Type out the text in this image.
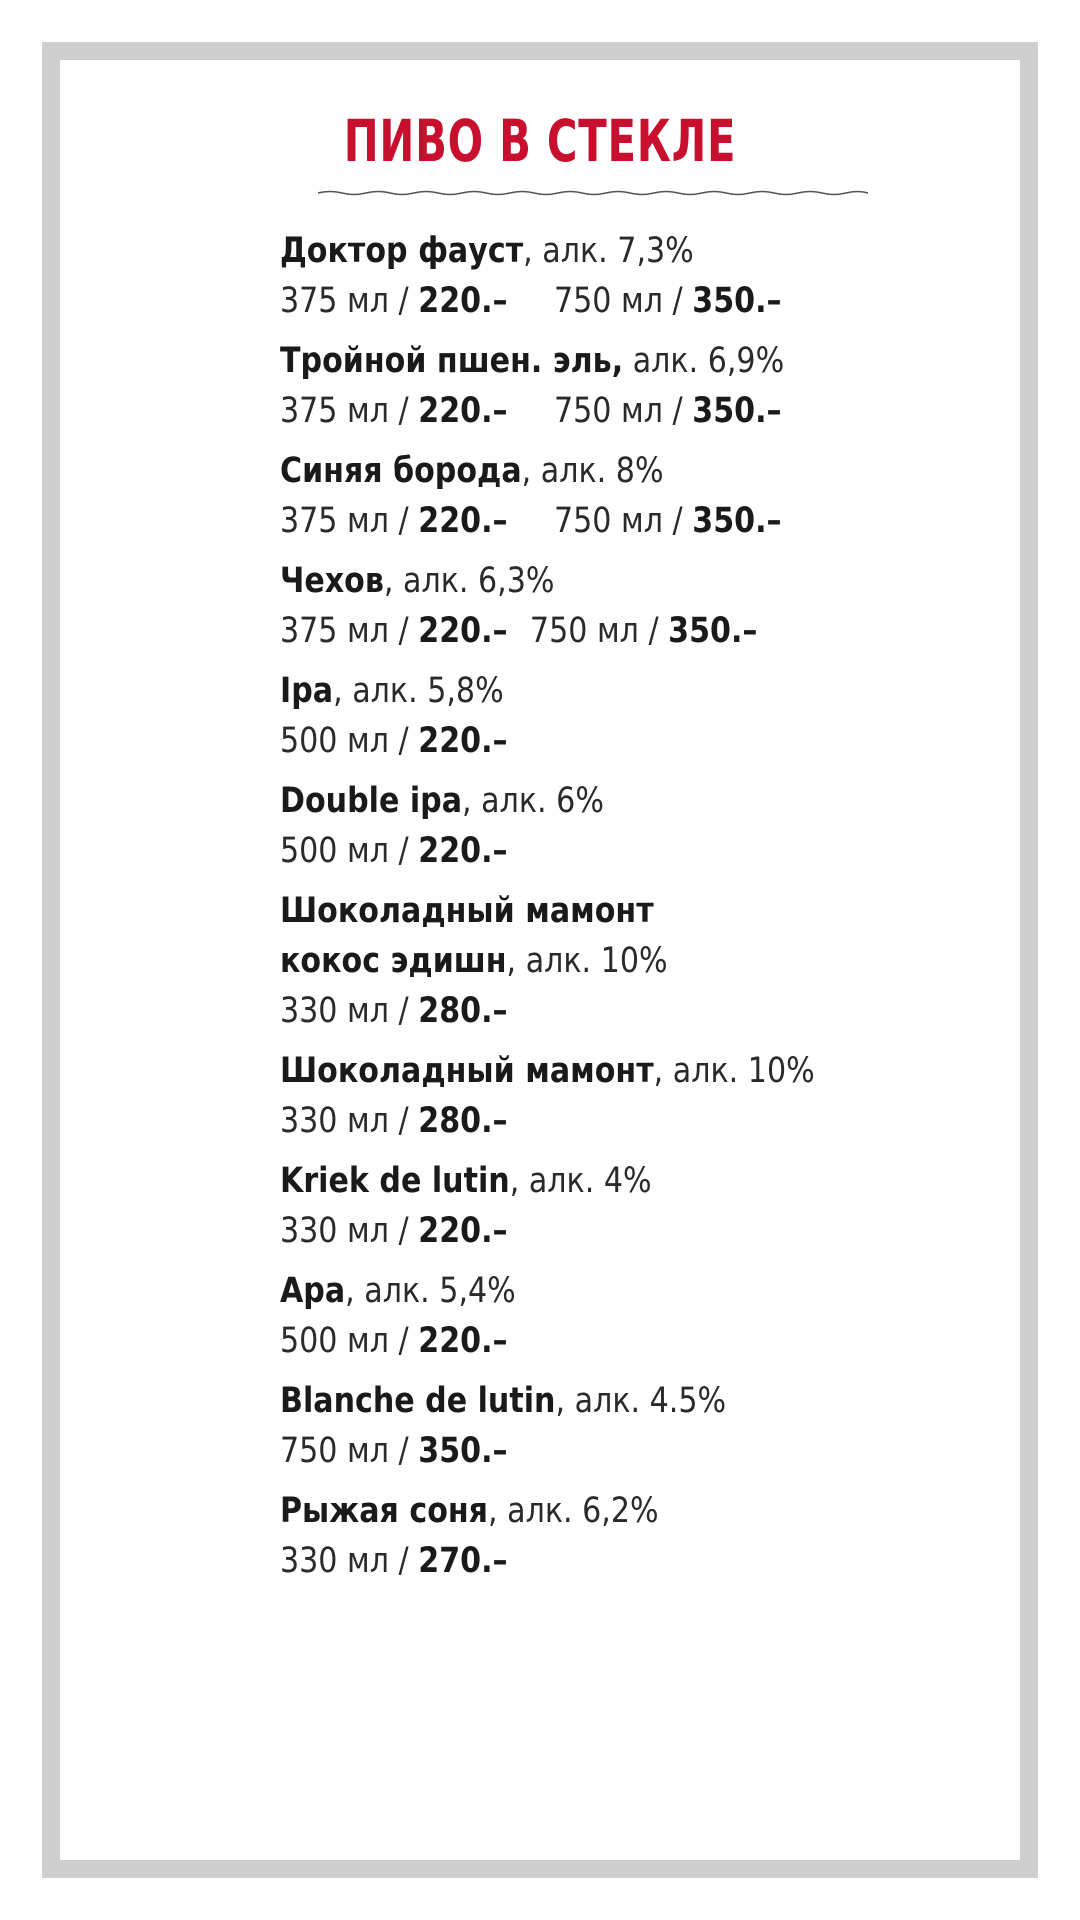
ПИВО В СТЕКЛЕ
Доктор фауст, алк. 7,3%
375 мл / 220.– 750 мл / 350.–
Тройной пшен. эль, алк. 6,9%
375 мл / 220.– 750 мл / 350.–
Синяя борода, алк. 8%
375 мл / 220.– 750 мл / 350.–
Чехов, алк. 6,3%
375 мл / 220.– 750 мл / 350.–
Ipa, алк. 5,8%
500 мл / 220.–
Double ipa, алк. 6%
500 мл / 220.–
Шоколадный мамонт
кокос эдишн, алк. 10%
330 мл / 280.–
Шоколадный мамонт, алк. 10%
330 мл / 280.–
Kriek de lutin, алк. 4%
330 мл / 220.–
Apa, алк. 5,4%
500 мл / 220.–
Blanche de lutin, алк. 4.5%
750 мл / 350.–
Рыжая соня, алк. 6,2%
330 мл / 270.–
